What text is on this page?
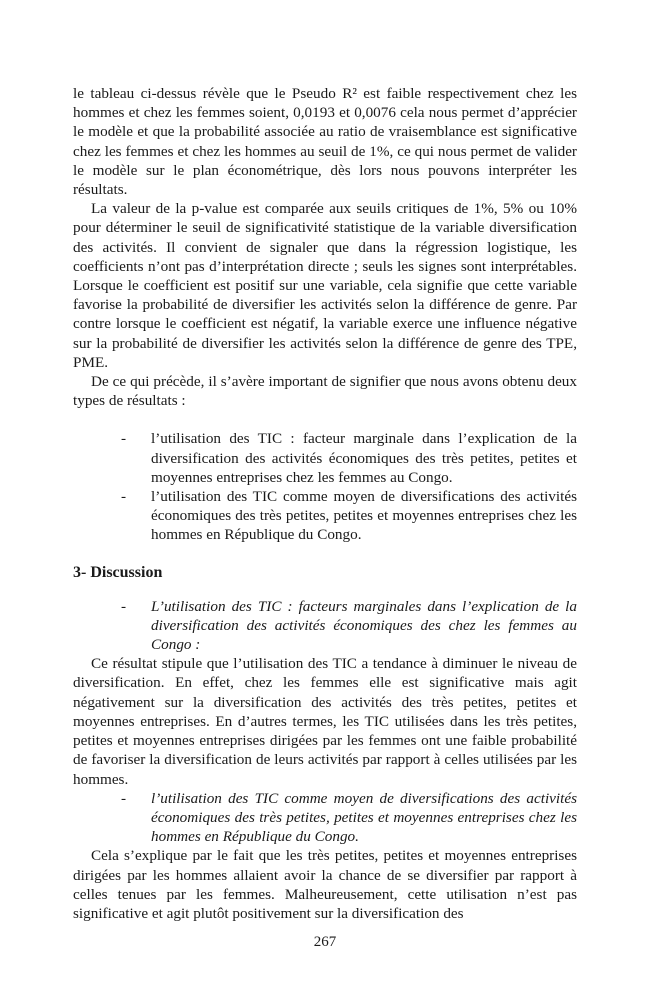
le tableau ci-dessus révèle que le Pseudo R² est faible respectivement chez les hommes et chez les femmes soient, 0,0193 et 0,0076 cela nous permet d’apprécier le modèle et que la probabilité associée au ratio de vraisemblance est significative chez les femmes et chez les hommes au seuil de 1%, ce qui nous permet de valider le modèle sur le plan économétrique, dès lors nous pouvons interpréter les résultats.

La valeur de la p-value est comparée aux seuils critiques de 1%, 5% ou 10% pour déterminer le seuil de significativité statistique de la variable diversification des activités. Il convient de signaler que dans la régression logistique, les coefficients n’ont pas d’interprétation directe ; seuls les signes sont interprétables. Lorsque le coefficient est positif sur une variable, cela signifie que cette variable favorise la probabilité de diversifier les activités selon la différence de genre. Par contre lorsque le coefficient est négatif, la variable exerce une influence négative sur la probabilité de diversifier les activités selon la différence de genre des TPE, PME.

De ce qui précède, il s’avère important de signifier que nous avons obtenu deux types de résultats :

- l’utilisation des TIC : facteur marginale dans l’explication de la diversification des activités économiques des très petites, petites et moyennes entreprises chez les femmes au Congo.
- l’utilisation des TIC comme moyen de diversifications des activités économiques des très petites, petites et moyennes entreprises chez les hommes en République du Congo.
3- Discussion
- L’utilisation des TIC : facteurs marginales dans l’explication de la diversification des activités économiques des chez les femmes au Congo :

Ce résultat stipule que l’utilisation des TIC a tendance à diminuer le niveau de diversification. En effet, chez les femmes elle est significative mais agit négativement sur la diversification des activités des très petites, petites et moyennes entreprises. En d’autres termes, les TIC utilisées dans les très petites, petites et moyennes entreprises dirigées par les femmes ont une faible probabilité de favoriser la diversification de leurs activités par rapport à celles utilisées par les hommes.

- l’utilisation des TIC comme moyen de diversifications des activités économiques des très petites, petites et moyennes entreprises chez les hommes en République du Congo.

Cela s’explique par le fait que les très petites, petites et moyennes entreprises dirigées par les hommes allaient avoir la chance de se diversifier par rapport à celles tenues par les femmes. Malheureusement, cette utilisation n’est pas significative et agit plutôt positivement sur la diversification des

267
